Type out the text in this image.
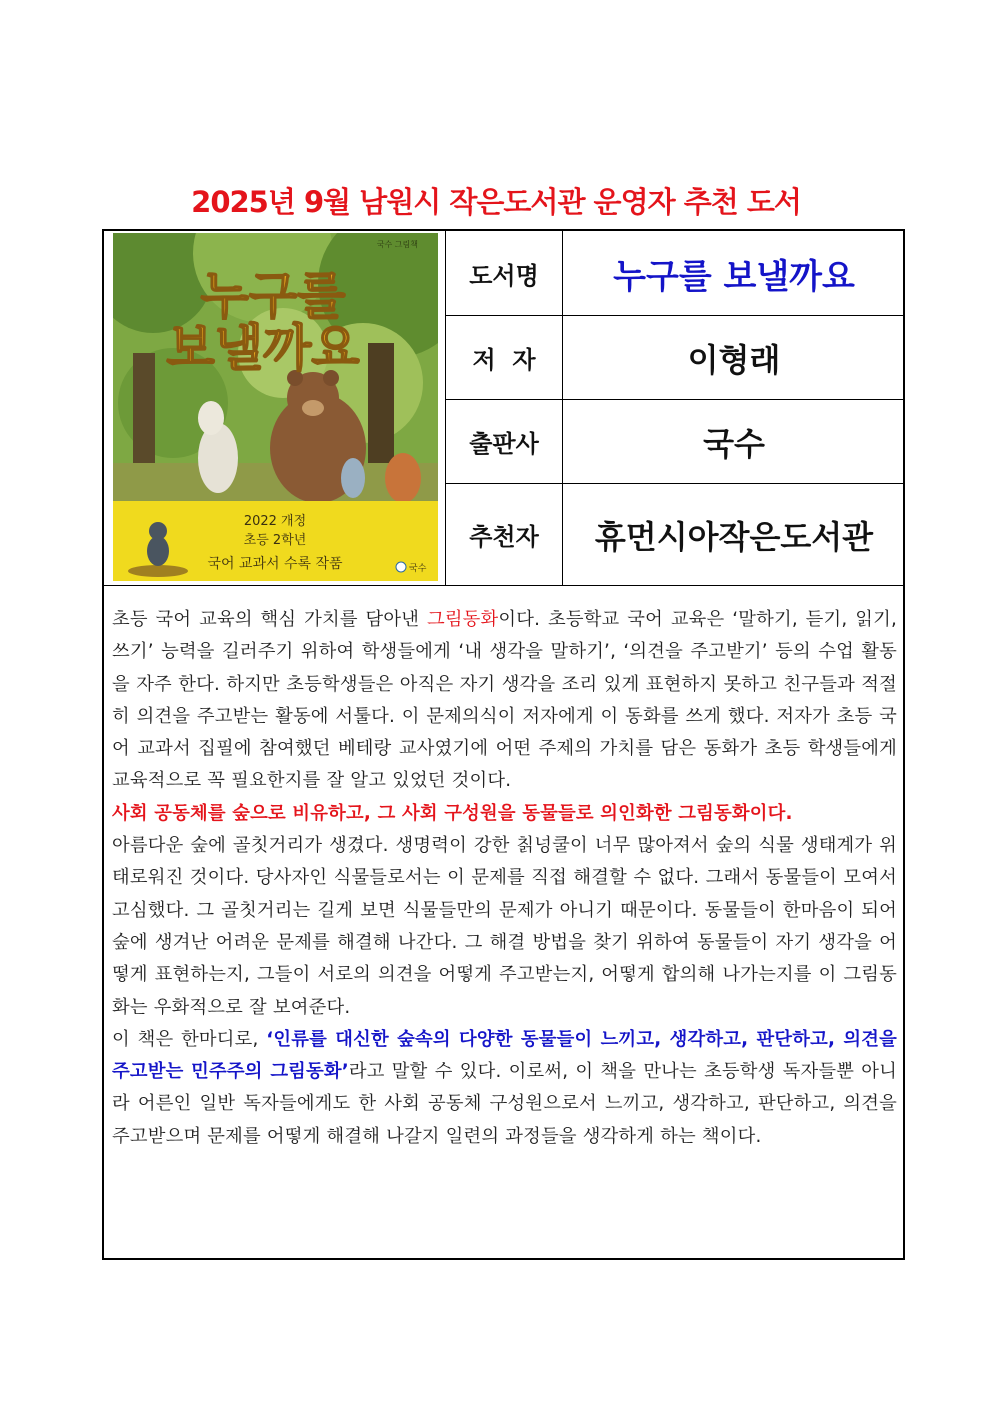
2025년 9월 남원시 작은도서관 운영자 추천 도서
누구를
보낼까요
국수 그림책
2022 개정
초등 2학년
국어 교과서 수록 작품	국수
도서명	누구를 보낼까요
저  자	이형래
출판사	국수
추천자	휴먼시아작은도서관

초등 국어 교육의 핵심 가치를 담아낸 그림동화이다. 초등학교 국어 교육은 ‘말하기, 듣기, 읽기, 쓰기’ 능력을 길러주기 위하여 학생들에게 ‘내 생각을 말하기’, ‘의견을 주고받기’ 등의 수업 활동을 자주 한다. 하지만 초등학생들은 아직은 자기 생각을 조리 있게 표현하지 못하고 친구들과 적절히 의견을 주고받는 활동에 서툴다. 이 문제의식이 저자에게 이 동화를 쓰게 했다. 저자가 초등 국어 교과서 집필에 참여했던 베테랑 교사였기에 어떤 주제의 가치를 담은 동화가 초등 학생들에게 교육적으로 꼭 필요한지를 잘 알고 있었던 것이다.

사회 공동체를 숲으로 비유하고, 그 사회 구성원을 동물들로 의인화한 그림동화이다.
아름다운 숲에 골칫거리가 생겼다. 생명력이 강한 칡넝쿨이 너무 많아져서 숲의 식물 생태계가 위태로워진 것이다. 당사자인 식물들로서는 이 문제를 직접 해결할 수 없다. 그래서 동물들이 모여서 고심했다. 그 골칫거리는 길게 보면 식물들만의 문제가 아니기 때문이다. 동물들이 한마음이 되어 숲에 생겨난 어려운 문제를 해결해 나간다. 그 해결 방법을 찾기 위하여 동물들이 자기 생각을 어떻게 표현하는지, 그들이 서로의 의견을 어떻게 주고받는지, 어떻게 합의해 나가는지를 이 그림동화는 우화적으로 잘 보여준다.

이 책은 한마디로, ‘인류를 대신한 숲속의 다양한 동물들이 느끼고, 생각하고, 판단하고, 의견을 주고받는 민주주의 그림동화’라고 말할 수 있다. 이로써, 이 책을 만나는 초등학생 독자들뿐 아니라 어른인 일반 독자들에게도 한 사회 공동체 구성원으로서 느끼고, 생각하고, 판단하고, 의견을 주고받으며 문제를 어떻게 해결해 나갈지 일련의 과정들을 생각하게 하는 책이다.
